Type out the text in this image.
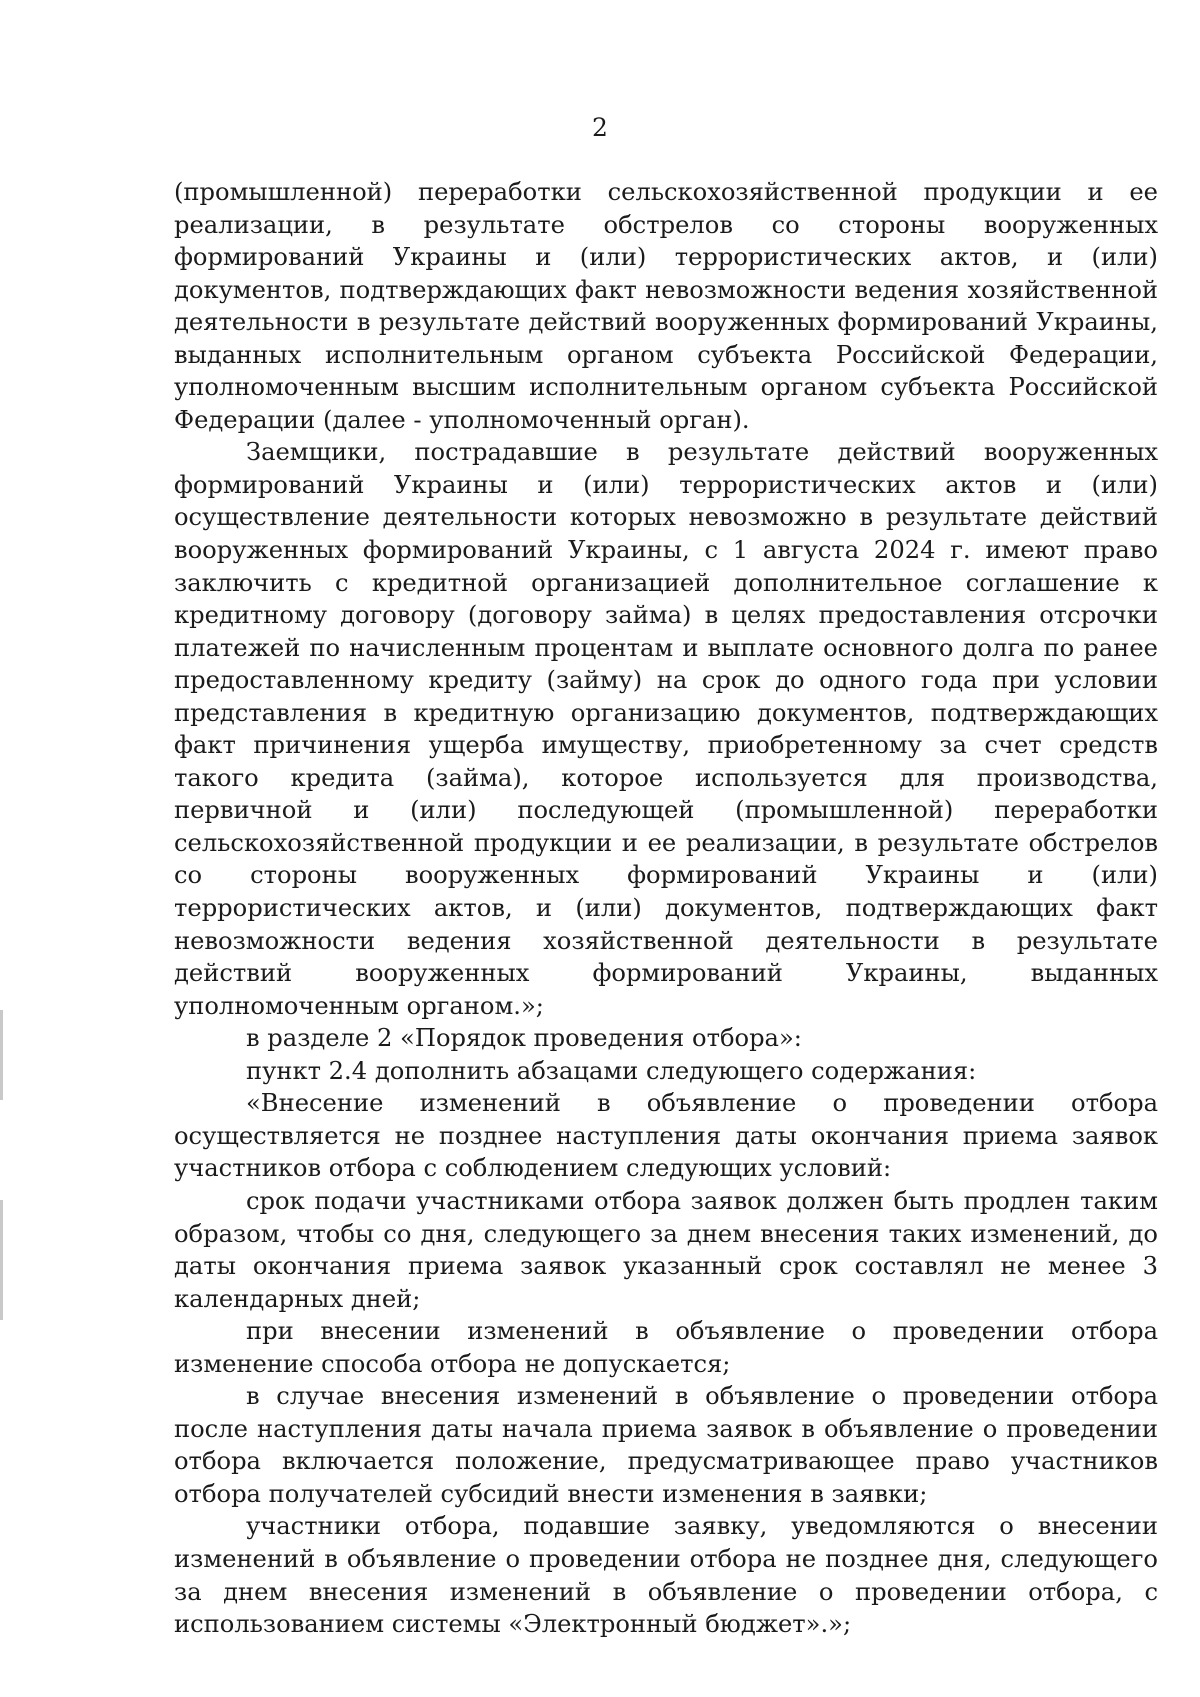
2

(промышленной) переработки сельскохозяйственной продукции и ее реализации, в результате обстрелов со стороны вооруженных формирований Украины и (или) террористических актов, и (или) документов, подтверждающих факт невозможности ведения хозяйственной деятельности в результате действий вооруженных формирований Украины, выданных исполнительным органом субъекта Российской Федерации, уполномоченным высшим исполнительным органом субъекта Российской Федерации (далее - уполномоченный орган).

Заемщики, пострадавшие в результате действий вооруженных формирований Украины и (или) террористических актов и (или) осуществление деятельности которых невозможно в результате действий вооруженных формирований Украины, с 1 августа 2024 г. имеют право заключить с кредитной организацией дополнительное соглашение к кредитному договору (договору займа) в целях предоставления отсрочки платежей по начисленным процентам и выплате основного долга по ранее предоставленному кредиту (займу) на срок до одного года при условии представления в кредитную организацию документов, подтверждающих факт причинения ущерба имуществу, приобретенному за счет средств такого кредита (займа), которое используется для производства, первичной и (или) последующей (промышленной) переработки сельскохозяйственной продукции и ее реализации, в результате обстрелов со стороны вооруженных формирований Украины и (или) террористических актов, и (или) документов, подтверждающих факт невозможности ведения хозяйственной деятельности в результате действий вооруженных формирований Украины, выданных уполномоченным органом.»;

в разделе 2 «Порядок проведения отбора»:

пункт 2.4 дополнить абзацами следующего содержания:

«Внесение изменений в объявление о проведении отбора осуществляется не позднее наступления даты окончания приема заявок участников отбора с соблюдением следующих условий:

срок подачи участниками отбора заявок должен быть продлен таким образом, чтобы со дня, следующего за днем внесения таких изменений, до даты окончания приема заявок указанный срок составлял не менее 3 календарных дней;

при внесении изменений в объявление о проведении отбора изменение способа отбора не допускается;

в случае внесения изменений в объявление о проведении отбора после наступления даты начала приема заявок в объявление о проведении отбора включается положение, предусматривающее право участников отбора получателей субсидий внести изменения в заявки;

участники отбора, подавшие заявку, уведомляются о внесении изменений в объявление о проведении отбора не позднее дня, следующего за днем внесения изменений в объявление о проведении отбора, с использованием системы «Электронный бюджет».»;
